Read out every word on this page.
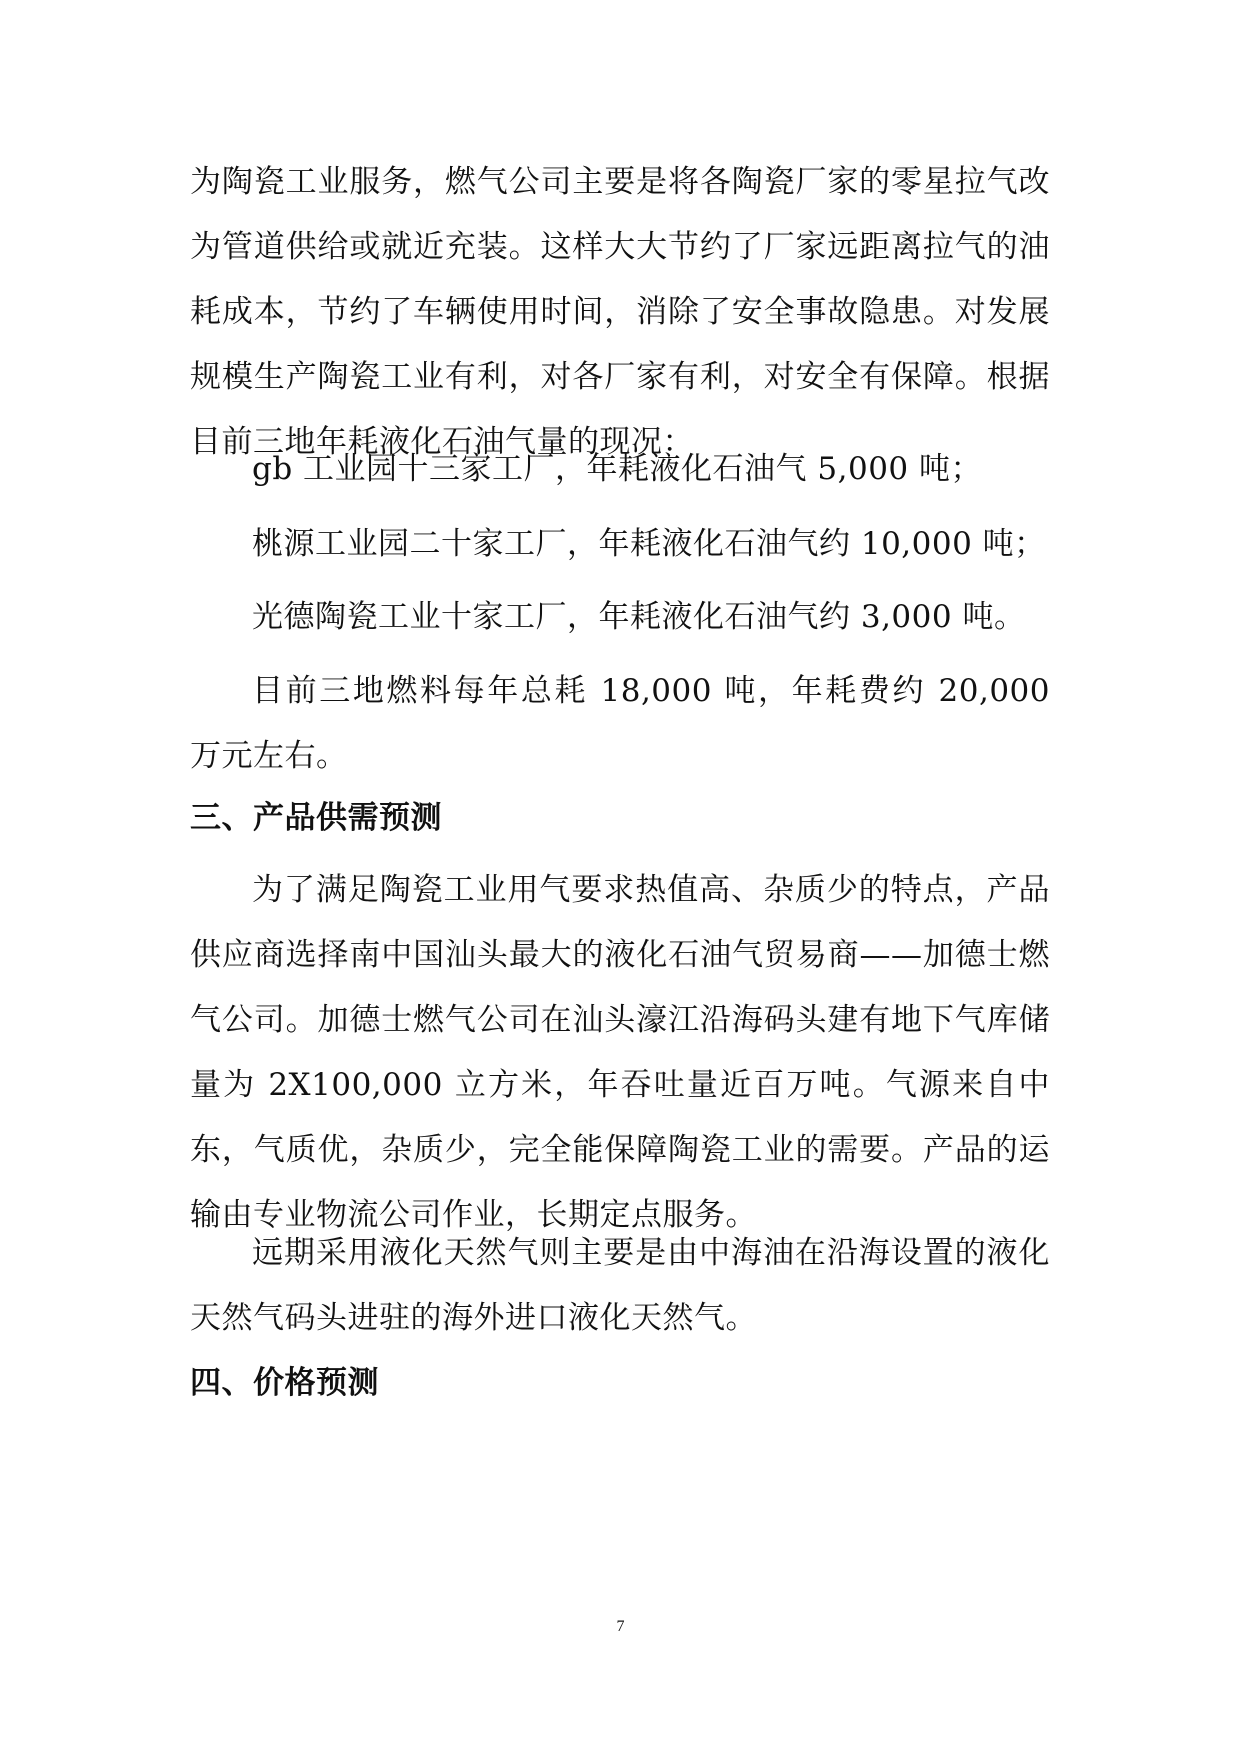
为陶瓷工业服务，燃气公司主要是将各陶瓷厂家的零星拉气改为管道供给或就近充装。这样大大节约了厂家远距离拉气的油耗成本，节约了车辆使用时间，消除了安全事故隐患。对发展规模生产陶瓷工业有利，对各厂家有利，对安全有保障。根据目前三地年耗液化石油气量的现况：

gb 工业园十三家工厂，年耗液化石油气 5,000 吨；

桃源工业园二十家工厂，年耗液化石油气约 10,000 吨；

光德陶瓷工业十家工厂，年耗液化石油气约 3,000 吨。

目前三地燃料每年总耗 18,000 吨，年耗费约 20,000 万元左右。

三、产品供需预测

为了满足陶瓷工业用气要求热值高、杂质少的特点，产品供应商选择南中国汕头最大的液化石油气贸易商——加德士燃气公司。加德士燃气公司在汕头濠江沿海码头建有地下气库储量为 2X100,000 立方米，年吞吐量近百万吨。气源来自中东，气质优，杂质少，完全能保障陶瓷工业的需要。产品的运输由专业物流公司作业，长期定点服务。

远期采用液化天然气则主要是由中海油在沿海设置的液化天然气码头进驻的海外进口液化天然气。

四、价格预测
7
